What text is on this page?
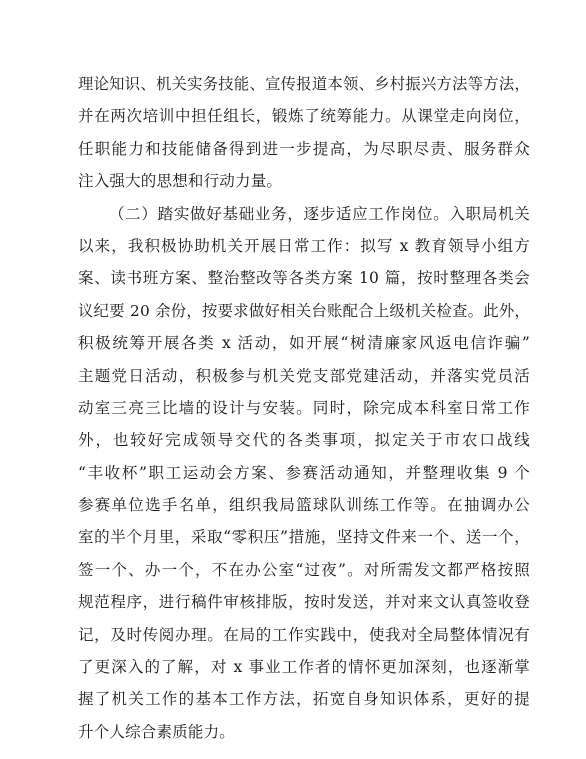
理论知识、机关实务技能、宣传报道本领、乡村振兴方法等方法，
并在两次培训中担任组长，锻炼了统筹能力。从课堂走向岗位，
任职能力和技能储备得到进一步提高，为尽职尽责、服务群众
注入强大的思想和行动力量。
（二）踏实做好基础业务，逐步适应工作岗位。入职局机关
以来，我积极协助机关开展日常工作：拟写 x 教育领导小组方
案、读书班方案、整治整改等各类方案 10 篇，按时整理各类会
议纪要 20 余份，按要求做好相关台账配合上级机关检查。此外，
积极统筹开展各类 x 活动，如开展“树清廉家风返电信诈骗”
主题党日活动，积极参与机关党支部党建活动，并落实党员活
动室三亮三比墙的设计与安装。同时，除完成本科室日常工作
外，也较好完成领导交代的各类事项，拟定关于市农口战线
“丰收杯”职工运动会方案、参赛活动通知，并整理收集 9 个
参赛单位选手名单，组织我局篮球队训练工作等。在抽调办公
室的半个月里，采取“零积压”措施，坚持文件来一个、送一个，
签一个、办一个，不在办公室“过夜”。对所需发文都严格按照
规范程序，进行稿件审核排版，按时发送，并对来文认真签收登
记，及时传阅办理。在局的工作实践中，使我对全局整体情况有
了更深入的了解，对 x 事业工作者的情怀更加深刻，也逐渐掌
握了机关工作的基本工作方法，拓宽自身知识体系，更好的提
升个人综合素质能力。
